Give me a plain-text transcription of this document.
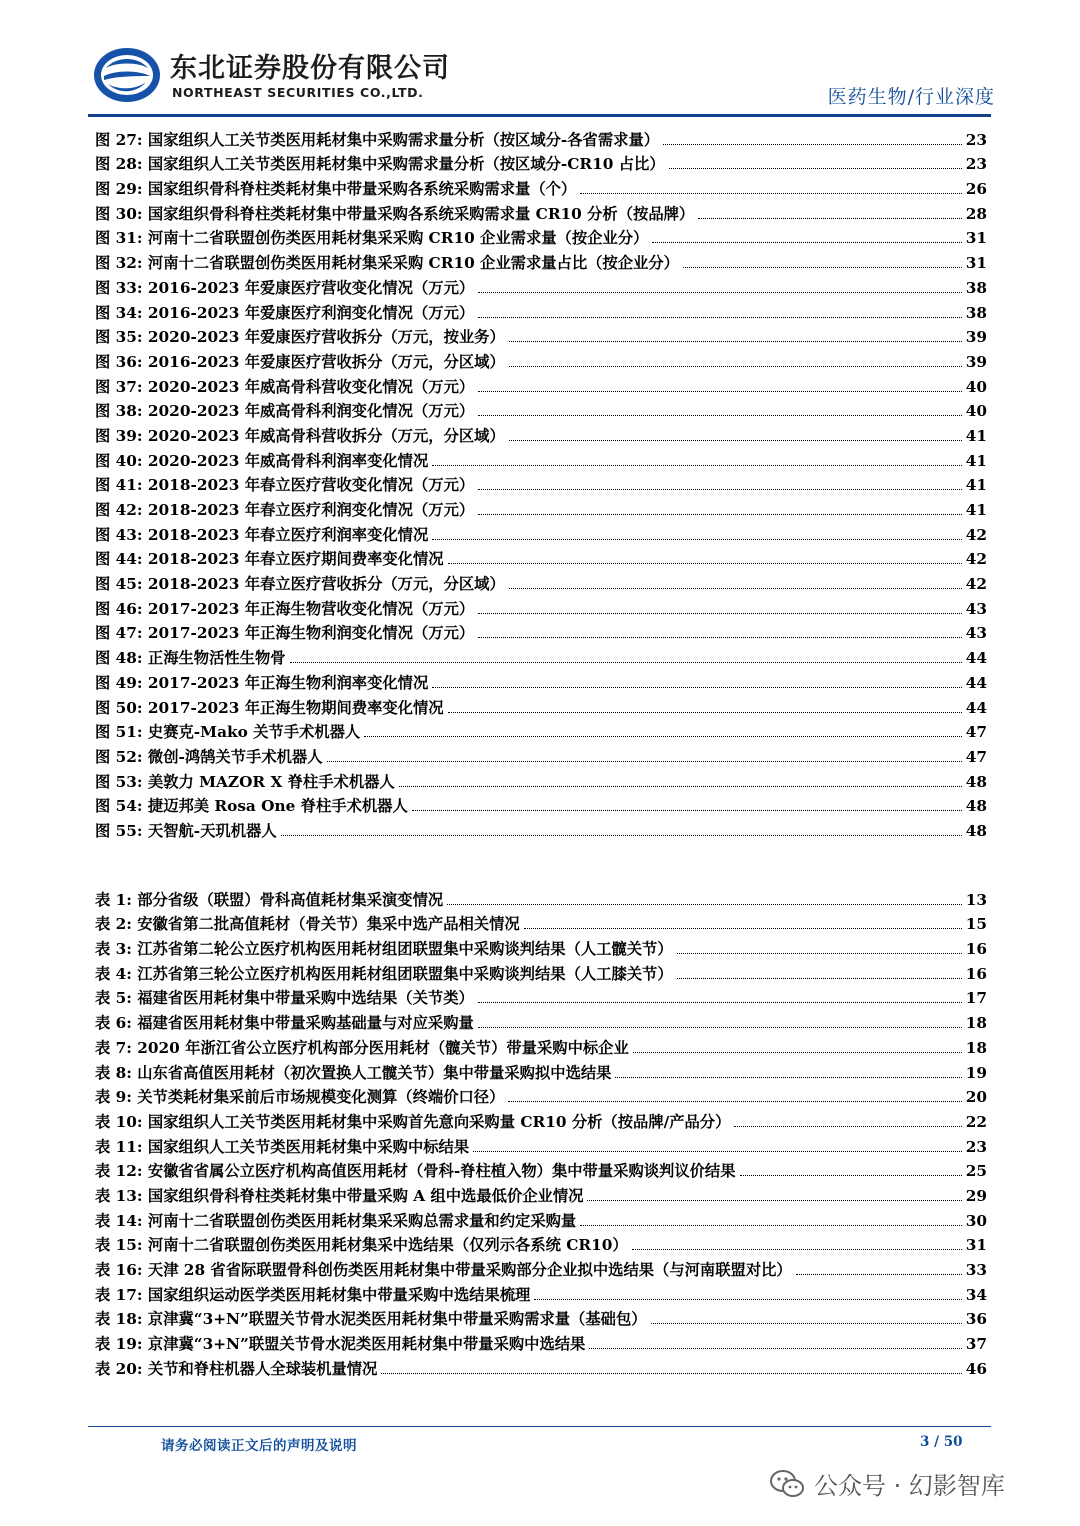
东北证券股份有限公司
NORTHEAST SECURITIES CO.,LTD.	医药生物/行业深度
图 27: 国家组织人工关节类医用耗材集中采购需求量分析（按区域分-各省需求量）	23
图 28: 国家组织人工关节类医用耗材集中采购需求量分析（按区域分-CR10 占比）	23
图 29: 国家组织骨科脊柱类耗材集中带量采购各系统采购需求量（个）	26
图 30: 国家组织骨科脊柱类耗材集中带量采购各系统采购需求量 CR10 分析（按品牌）	28
图 31: 河南十二省联盟创伤类医用耗材集采采购 CR10 企业需求量（按企业分）	31
图 32: 河南十二省联盟创伤类医用耗材集采采购 CR10 企业需求量占比（按企业分）	31
图 33: 2016-2023 年爱康医疗营收变化情况（万元）	38
图 34: 2016-2023 年爱康医疗利润变化情况（万元）	38
图 35: 2020-2023 年爱康医疗营收拆分（万元，按业务）	39
图 36: 2016-2023 年爱康医疗营收拆分（万元，分区域）	39
图 37: 2020-2023 年威高骨科营收变化情况（万元）	40
图 38: 2020-2023 年威高骨科利润变化情况（万元）	40
图 39: 2020-2023 年威高骨科营收拆分（万元，分区域）	41
图 40: 2020-2023 年威高骨科利润率变化情况	41
图 41: 2018-2023 年春立医疗营收变化情况（万元）	41
图 42: 2018-2023 年春立医疗利润变化情况（万元）	41
图 43: 2018-2023 年春立医疗利润率变化情况	42
图 44: 2018-2023 年春立医疗期间费率变化情况	42
图 45: 2018-2023 年春立医疗营收拆分（万元，分区域）	42
图 46: 2017-2023 年正海生物营收变化情况（万元）	43
图 47: 2017-2023 年正海生物利润变化情况（万元）	43
图 48: 正海生物活性生物骨	44
图 49: 2017-2023 年正海生物利润率变化情况	44
图 50: 2017-2023 年正海生物期间费率变化情况	44
图 51: 史赛克-Mako 关节手术机器人	47
图 52: 微创-鸿鹄关节手术机器人	47
图 53: 美敦力 MAZOR X 脊柱手术机器人	48
图 54: 捷迈邦美 Rosa One 脊柱手术机器人	48
图 55: 天智航-天玑机器人	48
表 1: 部分省级（联盟）骨科高值耗材集采演变情况	13
表 2: 安徽省第二批高值耗材（骨关节）集采中选产品相关情况	15
表 3: 江苏省第二轮公立医疗机构医用耗材组团联盟集中采购谈判结果（人工髋关节）	16
表 4: 江苏省第三轮公立医疗机构医用耗材组团联盟集中采购谈判结果（人工膝关节）	16
表 5: 福建省医用耗材集中带量采购中选结果（关节类）	17
表 6: 福建省医用耗材集中带量采购基础量与对应采购量	18
表 7: 2020 年浙江省公立医疗机构部分医用耗材（髋关节）带量采购中标企业	18
表 8: 山东省高值医用耗材（初次置换人工髋关节）集中带量采购拟中选结果	19
表 9: 关节类耗材集采前后市场规模变化测算（终端价口径）	20
表 10: 国家组织人工关节类医用耗材集中采购首先意向采购量 CR10 分析（按品牌/产品分）	22
表 11: 国家组织人工关节类医用耗材集中采购中标结果	23
表 12: 安徽省省属公立医疗机构高值医用耗材（骨科-脊柱植入物）集中带量采购谈判议价结果	25
表 13: 国家组织骨科脊柱类耗材集中带量采购 A 组中选最低价企业情况	29
表 14: 河南十二省联盟创伤类医用耗材集采采购总需求量和约定采购量	30
表 15: 河南十二省联盟创伤类医用耗材集采中选结果（仅列示各系统 CR10）	31
表 16: 天津 28 省省际联盟骨科创伤类医用耗材集中带量采购部分企业拟中选结果（与河南联盟对比）	33
表 17: 国家组织运动医学类医用耗材集中带量采购中选结果梳理	34
表 18: 京津冀“3+N”联盟关节骨水泥类医用耗材集中带量采购需求量（基础包）	36
表 19: 京津冀“3+N”联盟关节骨水泥类医用耗材集中带量采购中选结果	37
表 20: 关节和脊柱机器人全球装机量情况	46
请务必阅读正文后的声明及说明	3 / 50
公众号 · 幻影智库
